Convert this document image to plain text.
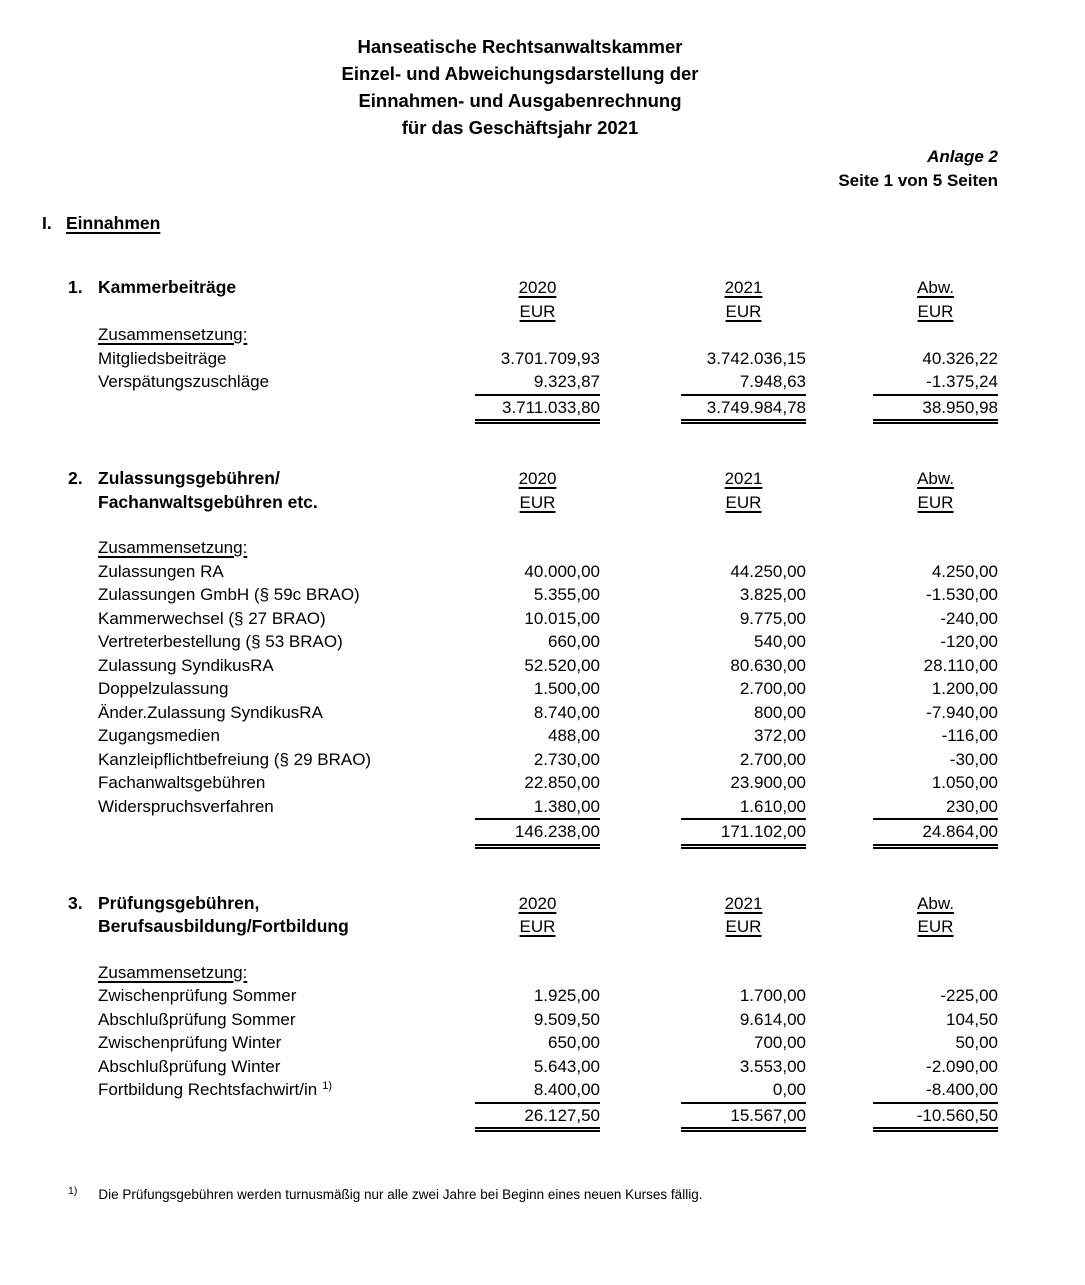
Hanseatische Rechtsanwaltskammer
Einzel- und Abweichungsdarstellung der
Einnahmen- und Ausgabenrechnung
für das Geschäftsjahr 2021
Anlage 2
Seite 1 von 5 Seiten
I. Einnahmen
1. Kammerbeiträge	2020	2021	Abw.
EUR	EUR	EUR
Zusammensetzung:
Mitgliedsbeiträge	3.701.709,93	3.742.036,15	40.326,22
Verspätungszuschläge	9.323,87	7.948,63	-1.375,24
3.711.033,80	3.749.984,78	38.950,98
2. Zulassungsgebühren/	2020	2021	Abw.
Fachanwaltsgebühren etc.	EUR	EUR	EUR
Zusammensetzung:
Zulassungen RA	40.000,00	44.250,00	4.250,00
Zulassungen GmbH (§ 59c BRAO)	5.355,00	3.825,00	-1.530,00
Kammerwechsel (§ 27 BRAO)	10.015,00	9.775,00	-240,00
Vertreterbestellung (§ 53 BRAO)	660,00	540,00	-120,00
Zulassung SyndikusRA	52.520,00	80.630,00	28.110,00
Doppelzulassung	1.500,00	2.700,00	1.200,00
Änder.Zulassung SyndikusRA	8.740,00	800,00	-7.940,00
Zugangsmedien	488,00	372,00	-116,00
Kanzleipflichtbefreiung (§ 29 BRAO)	2.730,00	2.700,00	-30,00
Fachanwaltsgebühren	22.850,00	23.900,00	1.050,00
Widerspruchsverfahren	1.380,00	1.610,00	230,00
146.238,00	171.102,00	24.864,00
3. Prüfungsgebühren,	2020	2021	Abw.
Berufsausbildung/Fortbildung	EUR	EUR	EUR
Zusammensetzung:
Zwischenprüfung Sommer	1.925,00	1.700,00	-225,00
Abschlußprüfung Sommer	9.509,50	9.614,00	104,50
Zwischenprüfung Winter	650,00	700,00	50,00
Abschlußprüfung Winter	5.643,00	3.553,00	-2.090,00
Fortbildung Rechtsfachwirt/in $^{1)}$	8.400,00	0,00	-8.400,00
26.127,50	15.567,00	-10.560,50
1) Die Prüfungsgebühren werden turnusmäßig nur alle zwei Jahre bei Beginn eines neuen Kurses fällig.
